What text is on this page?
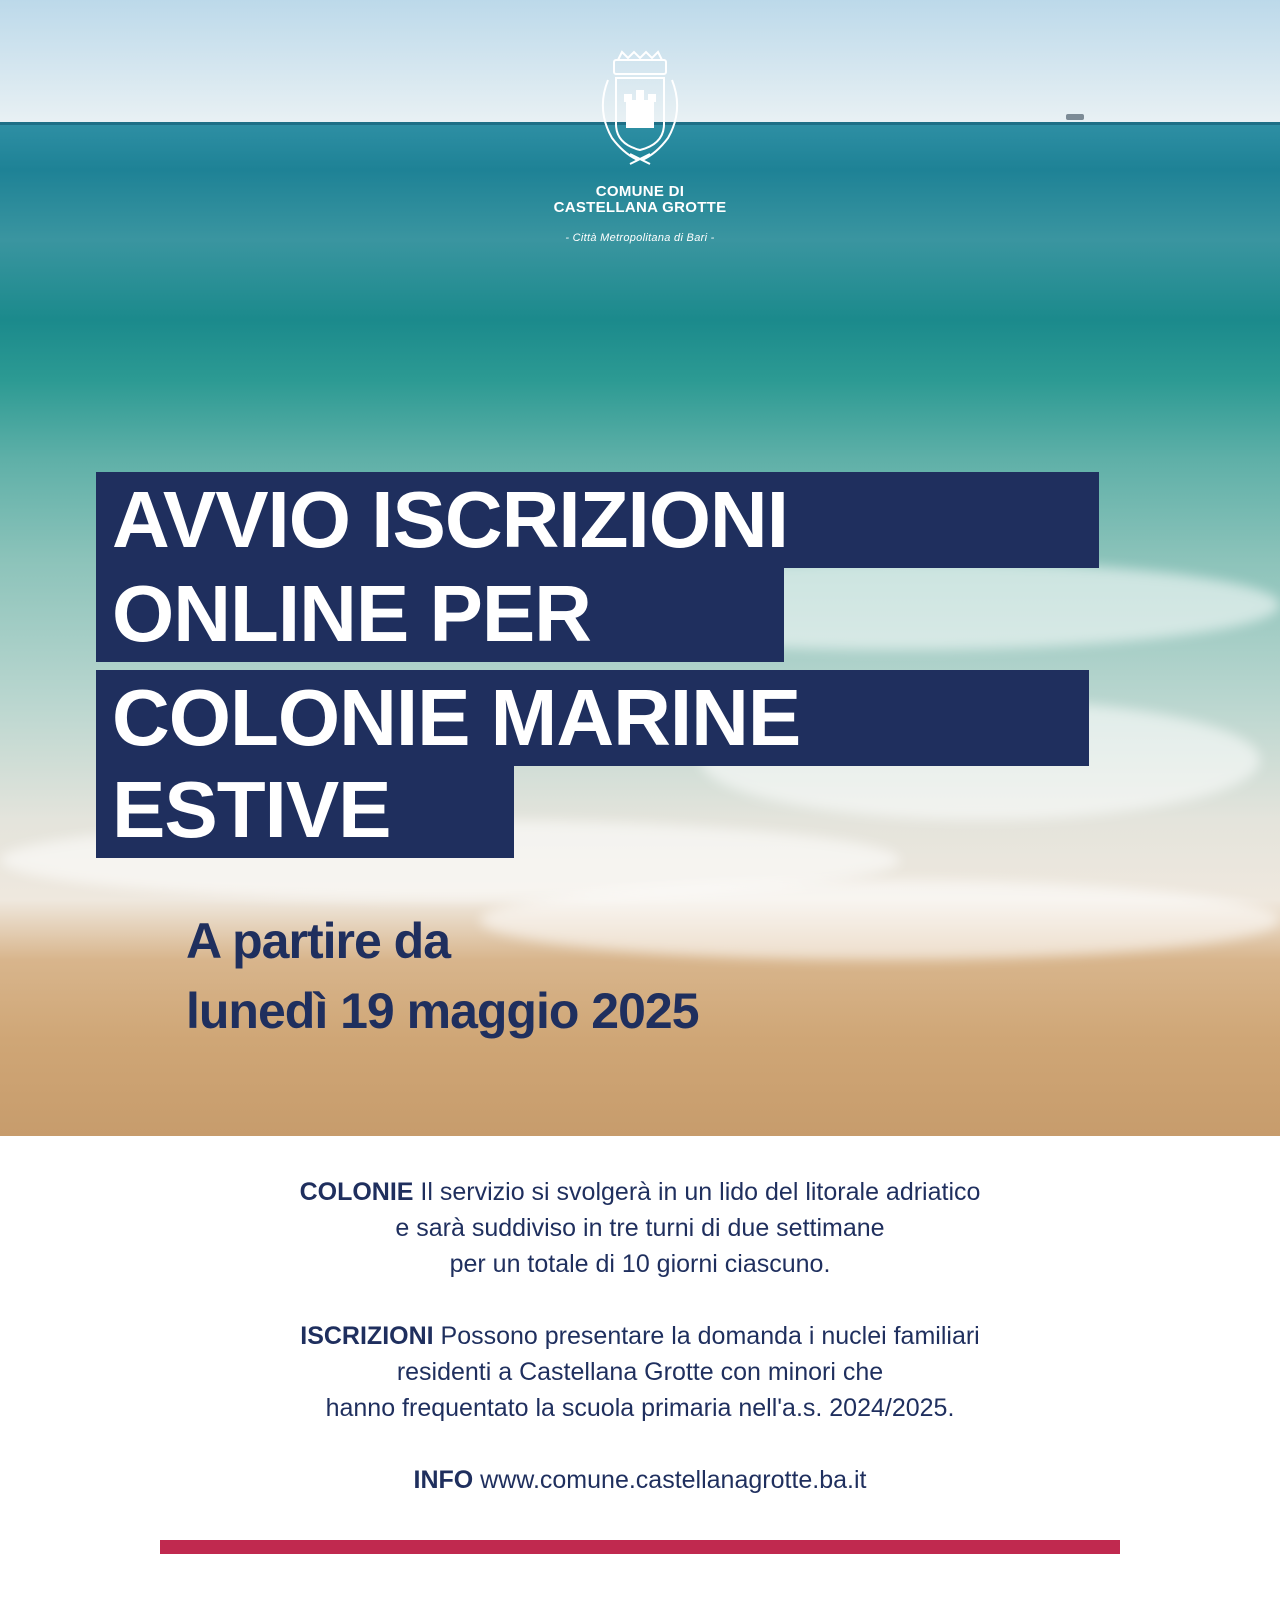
COMUNE DI
CASTELLANA GROTTE
- Città Metropolitana di Bari -
AVVIO ISCRIZIONI
ONLINE PER
COLONIE MARINE
ESTIVE
A partire da
lunedì 19 maggio 2025
COLONIE Il servizio si svolgerà in un lido del litorale adriatico
e sarà suddiviso in tre turni di due settimane
per un totale di 10 giorni ciascuno.
ISCRIZIONI Possono presentare la domanda i nuclei familiari
residenti a Castellana Grotte con minori che
hanno frequentato la scuola primaria nell'a.s. 2024/2025.
INFO www.comune.castellanagrotte.ba.it
